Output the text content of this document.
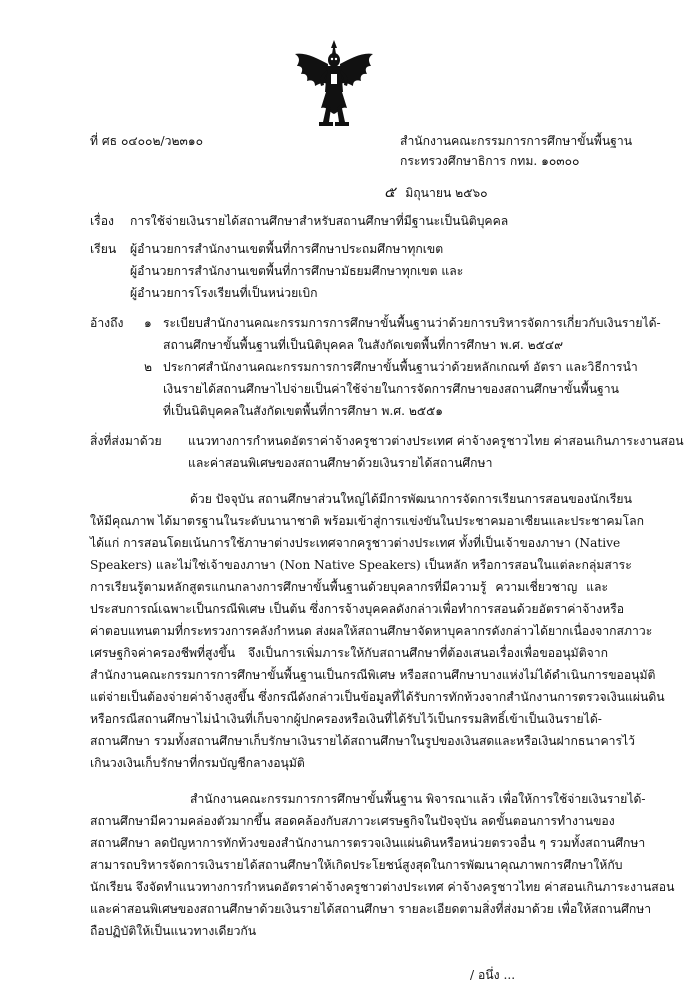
ที่ ศธ ๐๔๐๐๒/ว๒๓๑๐	สำนักงานคณะกรรมการการศึกษาขั้นพื้นฐาน
กระทรวงศึกษาธิการ กทม. ๑๐๓๐๐
๕ มิถุนายน ๒๕๖๐
เรื่อง การใช้จ่ายเงินรายได้สถานศึกษาสำหรับสถานศึกษาที่มีฐานะเป็นนิติบุคคล
เรียน ผู้อำนวยการสำนักงานเขตพื้นที่การศึกษาประถมศึกษาทุกเขต
ผู้อำนวยการสำนักงานเขตพื้นที่การศึกษามัธยมศึกษาทุกเขต และ
ผู้อำนวยการโรงเรียนที่เป็นหน่วยเบิก
อ้างถึง ๑ ระเบียบสำนักงานคณะกรรมการการศึกษาขั้นพื้นฐานว่าด้วยการบริหารจัดการเกี่ยวกับเงินรายได้-
สถานศึกษาขั้นพื้นฐานที่เป็นนิติบุคคล ในสังกัดเขตพื้นที่การศึกษา พ.ศ. ๒๕๔๙
๒ ประกาศสำนักงานคณะกรรมการการศึกษาขั้นพื้นฐานว่าด้วยหลักเกณฑ์ อัตรา และวิธีการนำ
เงินรายได้สถานศึกษาไปจ่ายเป็นค่าใช้จ่ายในการจัดการศึกษาของสถานศึกษาขั้นพื้นฐาน
ที่เป็นนิติบุคคลในสังกัดเขตพื้นที่การศึกษา พ.ศ. ๒๕๕๑
สิ่งที่ส่งมาด้วย แนวทางการกำหนดอัตราค่าจ้างครูชาวต่างประเทศ ค่าจ้างครูชาวไทย ค่าสอนเกินภาระงานสอน
และค่าสอนพิเศษของสถานศึกษาด้วยเงินรายได้สถานศึกษา
ด้วย ปัจจุบัน สถานศึกษาส่วนใหญ่ได้มีการพัฒนาการจัดการเรียนการสอนของนักเรียน
ให้มีคุณภาพ ได้มาตรฐานในระดับนานาชาติ พร้อมเข้าสู่การแข่งขันในประชาคมอาเซียนและประชาคมโลก
ได้แก่ การสอนโดยเน้นการใช้ภาษาต่างประเทศจากครูชาวต่างประเทศ ทั้งที่เป็นเจ้าของภาษา (Native
Speakers) และไม่ใช่เจ้าของภาษา (Non Native Speakers) เป็นหลัก หรือการสอนในแต่ละกลุ่มสาระ
การเรียนรู้ตามหลักสูตรแกนกลางการศึกษาขั้นพื้นฐานด้วยบุคลากรที่มีความรู้ ความเชี่ยวชาญ และ
ประสบการณ์เฉพาะเป็นกรณีพิเศษ เป็นต้น ซึ่งการจ้างบุคคลดังกล่าวเพื่อทำการสอนด้วยอัตราค่าจ้างหรือ
ค่าตอบแทนตามที่กระทรวงการคลังกำหนด ส่งผลให้สถานศึกษาจัดหาบุคลากรดังกล่าวได้ยากเนื่องจากสภาวะ
เศรษฐกิจค่าครองชีพที่สูงขึ้น จึงเป็นการเพิ่มภาระให้กับสถานศึกษาที่ต้องเสนอเรื่องเพื่อขออนุมัติจาก
สำนักงานคณะกรรมการการศึกษาขั้นพื้นฐานเป็นกรณีพิเศษ หรือสถานศึกษาบางแห่งไม่ได้ดำเนินการขออนุมัติ
แต่จ่ายเป็นต้องจ่ายค่าจ้างสูงขึ้น ซึ่งกรณีดังกล่าวเป็นข้อมูลที่ได้รับการทักท้วงจากสำนักงานการตรวจเงินแผ่นดิน
หรือกรณีสถานศึกษาไม่นำเงินที่เก็บจากผู้ปกครองหรือเงินที่ได้รับไว้เป็นกรรมสิทธิ์เข้าเป็นเงินรายได้-
สถานศึกษา รวมทั้งสถานศึกษาเก็บรักษาเงินรายได้สถานศึกษาในรูปของเงินสดและหรือเงินฝากธนาคารไว้
เกินวงเงินเก็บรักษาที่กรมบัญชีกลางอนุมัติ
สำนักงานคณะกรรมการการศึกษาขั้นพื้นฐาน พิจารณาแล้ว เพื่อให้การใช้จ่ายเงินรายได้-
สถานศึกษามีความคล่องตัวมากขึ้น สอดคล้องกับสภาวะเศรษฐกิจในปัจจุบัน ลดขั้นตอนการทำงานของ
สถานศึกษา ลดปัญหาการทักท้วงของสำนักงานการตรวจเงินแผ่นดินหรือหน่วยตรวจอื่น ๆ รวมทั้งสถานศึกษา
สามารถบริหารจัดการเงินรายได้สถานศึกษาให้เกิดประโยชน์สูงสุดในการพัฒนาคุณภาพการศึกษาให้กับ
นักเรียน จึงจัดทำแนวทางการกำหนดอัตราค่าจ้างครูชาวต่างประเทศ ค่าจ้างครูชาวไทย ค่าสอนเกินภาระงานสอน
และค่าสอนพิเศษของสถานศึกษาด้วยเงินรายได้สถานศึกษา รายละเอียดตามสิ่งที่ส่งมาด้วย เพื่อให้สถานศึกษา
ถือปฏิบัติให้เป็นแนวทางเดียวกัน
/ อนึ่ง ...
